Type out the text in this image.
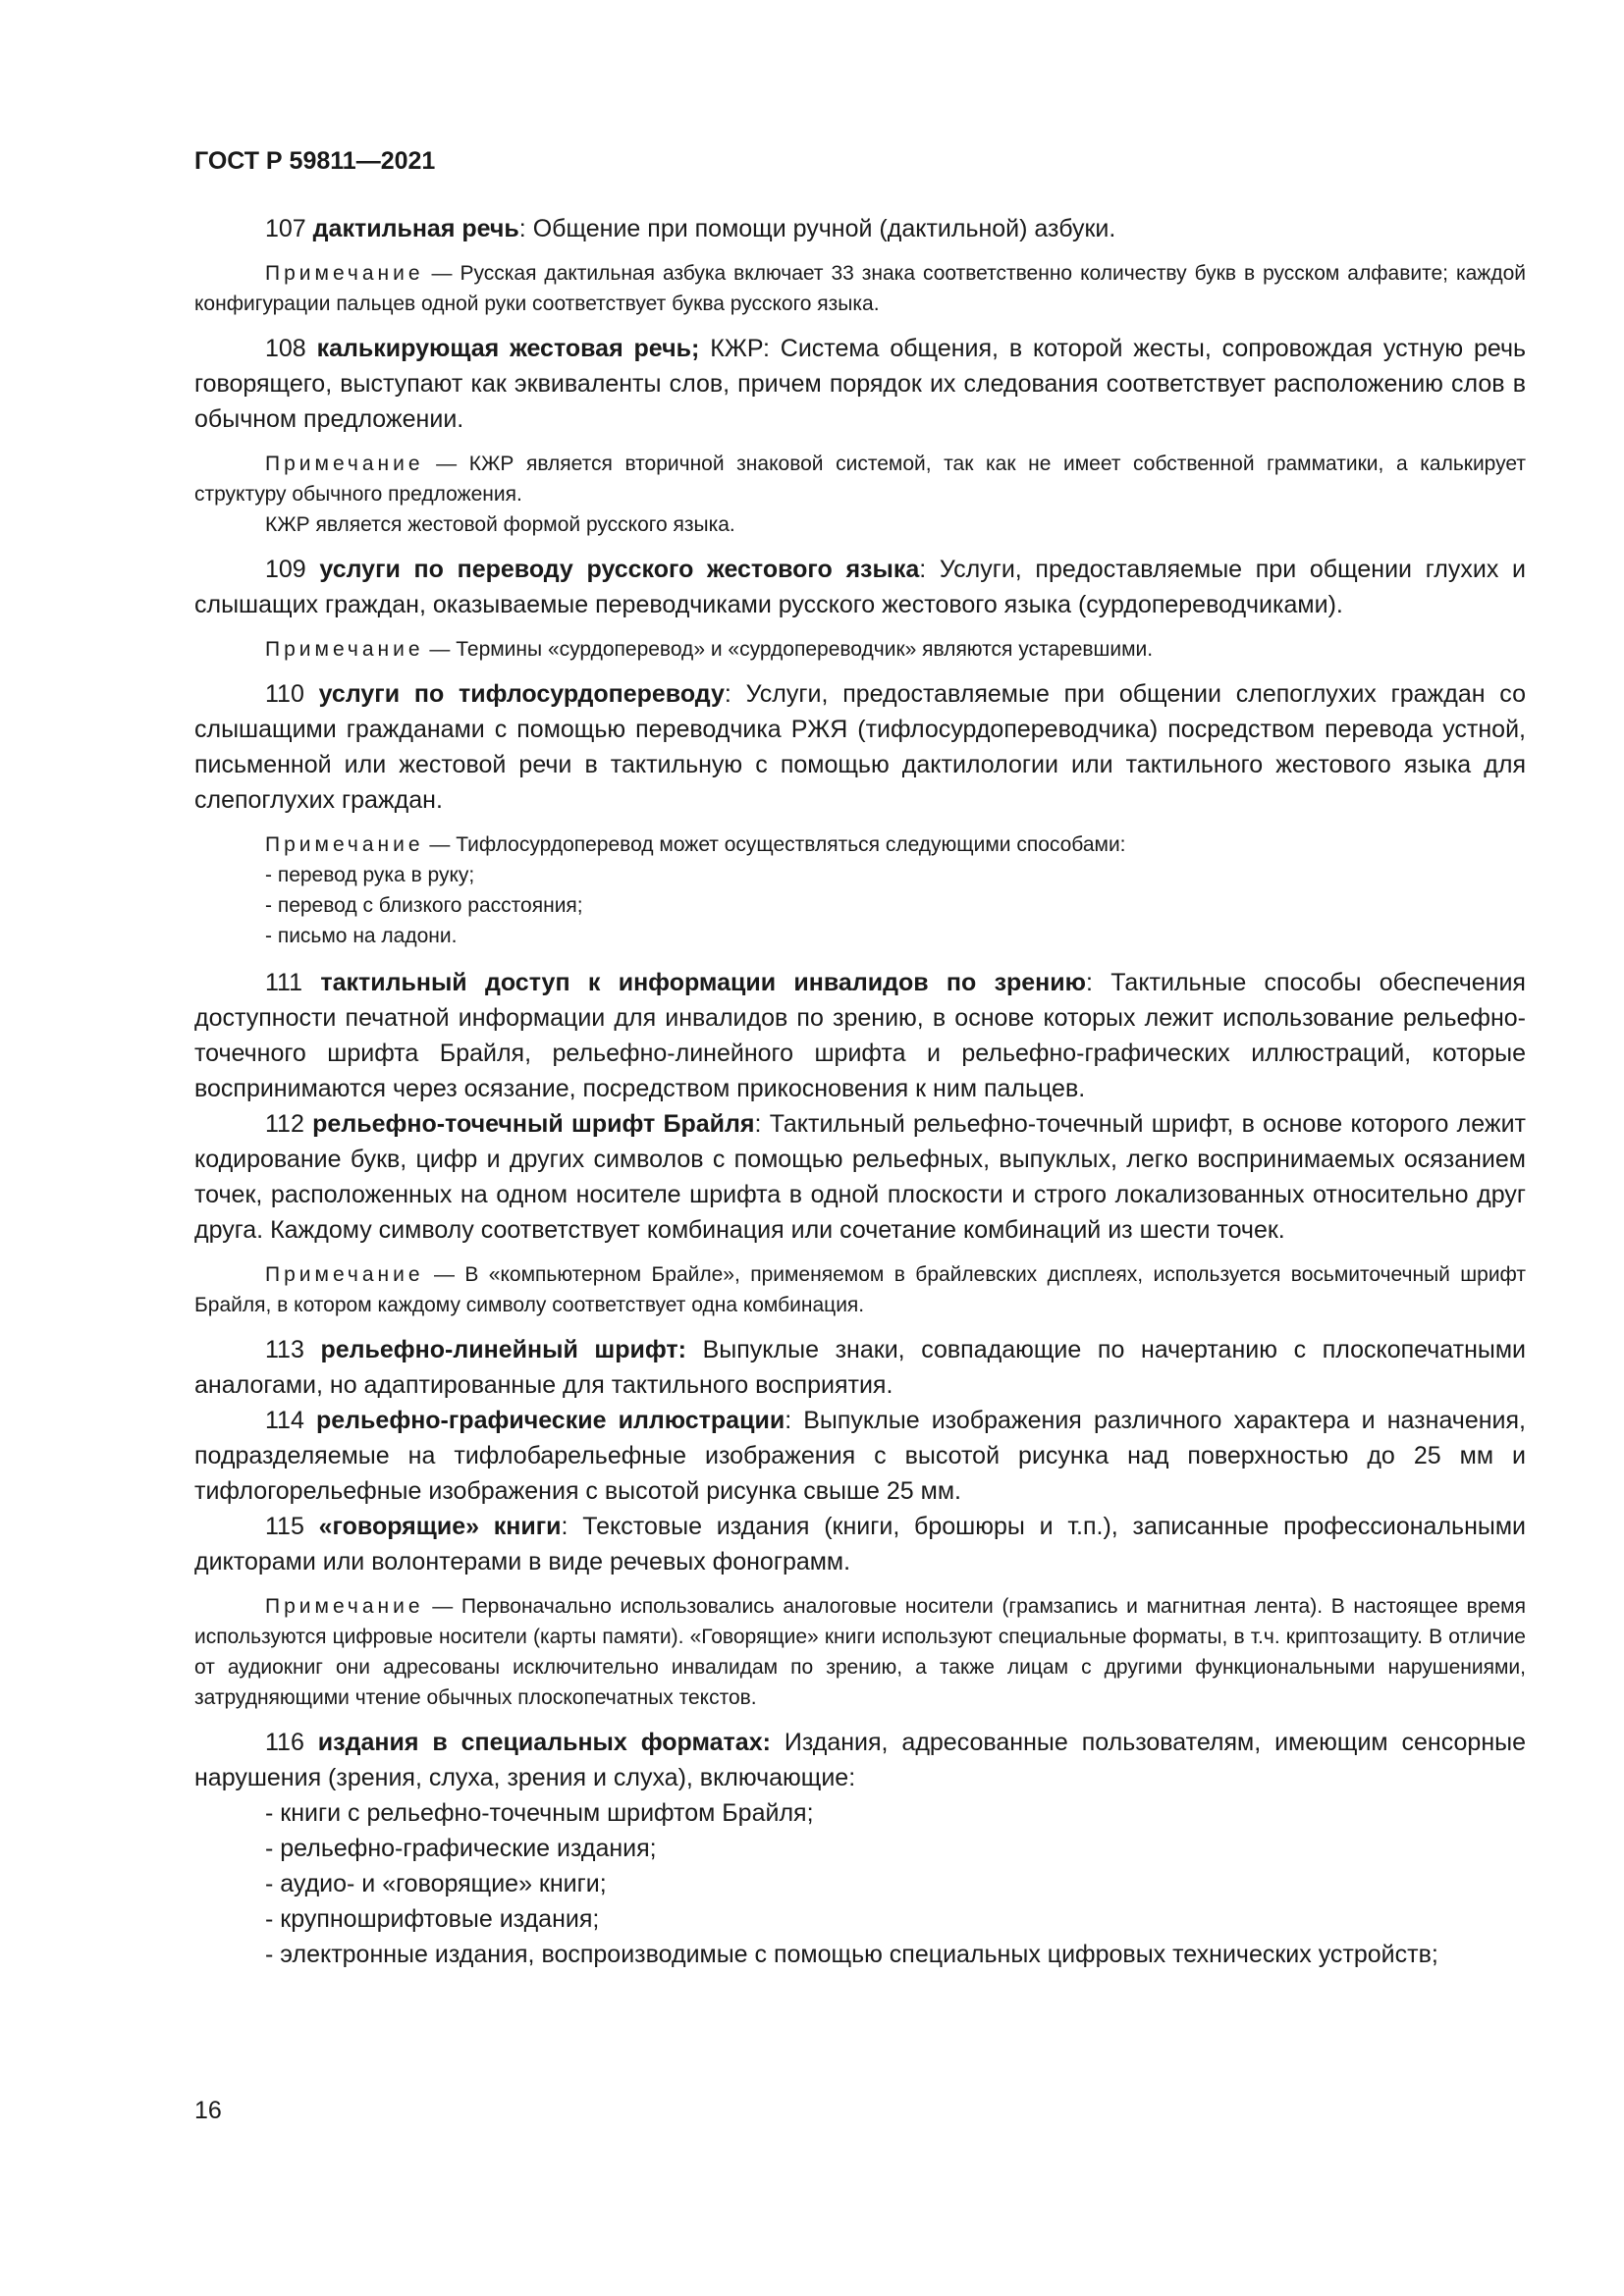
ГОСТ Р 59811—2021

107 дактильная речь: Общение при помощи ручной (дактильной) азбуки.

Примечание — Русская дактильная азбука включает 33 знака соответственно количеству букв в русском алфавите; каждой конфигурации пальцев одной руки соответствует буква русского языка.

108 калькирующая жестовая речь; КЖР: Система общения, в которой жесты, сопровождая устную речь говорящего, выступают как эквиваленты слов, причем порядок их следования соответствует расположению слов в обычном предложении.

Примечание — КЖР является вторичной знаковой системой, так как не имеет собственной грамматики, а калькирует структуру обычного предложения.

КЖР является жестовой формой русского языка.

109 услуги по переводу русского жестового языка: Услуги, предоставляемые при общении глухих и слышащих граждан, оказываемые переводчиками русского жестового языка (сурдопереводчиками).

Примечание — Термины «сурдоперевод» и «сурдопереводчик» являются устаревшими.

110 услуги по тифлосурдопереводу: Услуги, предоставляемые при общении слепоглухих граждан со слышащими гражданами с помощью переводчика РЖЯ (тифлосурдопереводчика) посредством перевода устной, письменной или жестовой речи в тактильную с помощью дактилологии или тактильного жестового языка для слепоглухих граждан.

Примечание — Тифлосурдоперевод может осуществляться следующими способами:

- перевод рука в руку;
- перевод с близкого расстояния;
- письмо на ладони.

111 тактильный доступ к информации инвалидов по зрению: Тактильные способы обеспечения доступности печатной информации для инвалидов по зрению, в основе которых лежит использование рельефно-точечного шрифта Брайля, рельефно-линейного шрифта и рельефно-графических иллюстраций, которые воспринимаются через осязание, посредством прикосновения к ним пальцев.

112 рельефно-точечный шрифт Брайля: Тактильный рельефно-точечный шрифт, в основе которого лежит кодирование букв, цифр и других символов с помощью рельефных, выпуклых, легко воспринимаемых осязанием точек, расположенных на одном носителе шрифта в одной плоскости и строго локализованных относительно друг друга. Каждому символу соответствует комбинация или сочетание комбинаций из шести точек.

Примечание — В «компьютерном Брайле», применяемом в брайлевских дисплеях, используется восьмиточечный шрифт Брайля, в котором каждому символу соответствует одна комбинация.

113 рельефно-линейный шрифт: Выпуклые знаки, совпадающие по начертанию с плоскопечатными аналогами, но адаптированные для тактильного восприятия.

114 рельефно-графические иллюстрации: Выпуклые изображения различного характера и назначения, подразделяемые на тифлобарельефные изображения с высотой рисунка над поверхностью до 25 мм и тифлогорельефные изображения с высотой рисунка свыше 25 мм.

115 «говорящие» книги: Текстовые издания (книги, брошюры и т.п.), записанные профессиональными дикторами или волонтерами в виде речевых фонограмм.

Примечание — Первоначально использовались аналоговые носители (грамзапись и магнитная лента). В настоящее время используются цифровые носители (карты памяти). «Говорящие» книги используют специальные форматы, в т.ч. криптозащиту. В отличие от аудиокниг они адресованы исключительно инвалидам по зрению, а также лицам с другими функциональными нарушениями, затрудняющими чтение обычных плоскопечатных текстов.

116 издания в специальных форматах: Издания, адресованные пользователям, имеющим сенсорные нарушения (зрения, слуха, зрения и слуха), включающие:

- книги с рельефно-точечным шрифтом Брайля;
- рельефно-графические издания;
- аудио- и «говорящие» книги;
- крупношрифтовые издания;

- электронные издания, воспроизводимые с помощью специальных цифровых технических устройств;

16
